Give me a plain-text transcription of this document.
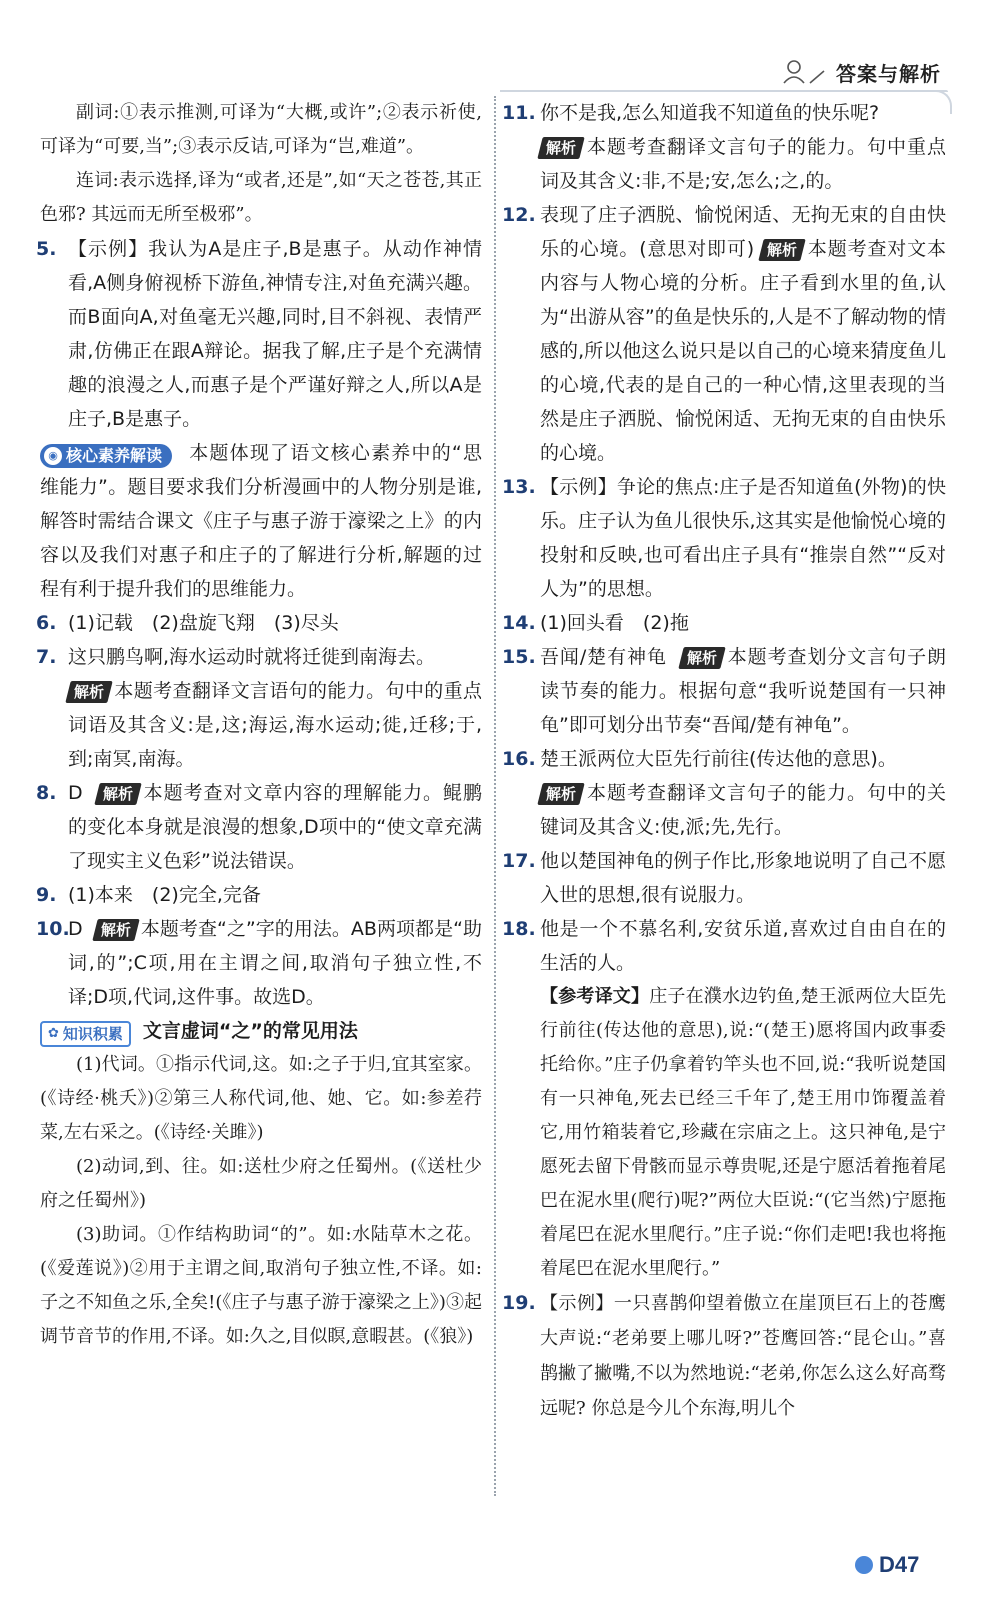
答案与解析

副词:①表示推测,可译为“大概,或许”;②表示祈使,可译为“可要,当”;③表示反诘,可译为“岂,难道”。

连词:表示选择,译为“或者,还是”,如“天之苍苍,其正色邪? 其远而无所至极邪”。

5. 【示例】我认为A是庄子,B是惠子。从动作神情看,A侧身俯视桥下游鱼,神情专注,对鱼充满兴趣。而B面向A,对鱼毫无兴趣,同时,目不斜视、表情严肃,仿佛正在跟A辩论。据我了解,庄子是个充满情趣的浪漫之人,而惠子是个严谨好辩之人,所以A是庄子,B是惠子。
◉ 核心素养解读 本题体现了语文核心素养中的“思维能力”。题目要求我们分析漫画中的人物分别是谁,解答时需结合课文《庄子与惠子游于濠梁之上》的内容以及我们对惠子和庄子的了解进行分析,解题的过程有利于提升我们的思维能力。
6. (1)记载　(2)盘旋飞翔　(3)尽头
7. 这只鹏鸟啊,海水运动时就将迁徙到南海去。
解析 本题考查翻译文言语句的能力。句中的重点词语及其含义:是,这;海运,海水运动;徙,迁移;于,到;南冥,南海。
8. D 解析 本题考查对文章内容的理解能力。鲲鹏的变化本身就是浪漫的想象,D项中的“使文章充满了现实主义色彩”说法错误。
9. (1)本来　(2)完全,完备
10.
D 解析 本题考查“之”字的用法。AB两项都是“助词,的”;C项,用在主谓之间,取消句子独立性,不译;D项,代词,这件事。故选D。
✿ 知识积累 文言虚词“之”的常见用法

(1)代词。①指示代词,这。如:之子于归,宜其室家。(《诗经·桃夭》)②第三人称代词,他、她、它。如:参差荇菜,左右采之。(《诗经·关雎》)

(2)动词,到、往。如:送杜少府之任蜀州。(《送杜少府之任蜀州》)

(3)助词。①作结构助词“的”。如:水陆草木之花。(《爱莲说》)②用于主谓之间,取消句子独立性,不译。如:子之不知鱼之乐,全矣!(《庄子与惠子游于濠梁之上》)③起调节音节的作用,不译。如:久之,目似瞑,意暇甚。(《狼》)

11. 你不是我,怎么知道我不知道鱼的快乐呢?
解析 本题考查翻译文言句子的能力。句中重点词及其含义:非,不是;安,怎么;之,的。
12. 表现了庄子洒脱、愉悦闲适、无拘无束的自由快乐的心境。(意思对即可) 解析 本题考查对文本内容与人物心境的分析。庄子看到水里的鱼,认为“出游从容”的鱼是快乐的,人是不了解动物的情感的,所以他这么说只是以自己的心境来猜度鱼儿的心境,代表的是自己的一种心情,这里表现的当然是庄子洒脱、愉悦闲适、无拘无束的自由快乐的心境。
13. 【示例】争论的焦点:庄子是否知道鱼(外物)的快乐。庄子认为鱼儿很快乐,这其实是他愉悦心境的投射和反映,也可看出庄子具有“推崇自然”“反对人为”的思想。
14. (1)回头看　(2)拖
15. 吾闻/楚有神龟 解析 本题考查划分文言句子朗读节奏的能力。根据句意“我听说楚国有一只神龟”即可划分出节奏“吾闻/楚有神龟”。
16. 楚王派两位大臣先行前往(传达他的意思)。
解析 本题考查翻译文言句子的能力。句中的关键词及其含义:使,派;先,先行。
17. 他以楚国神龟的例子作比,形象地说明了自己不愿入世的思想,很有说服力。
18. 他是一个不慕名利,安贫乐道,喜欢过自由自在的生活的人。

【参考译文】庄子在濮水边钓鱼,楚王派两位大臣先行前往(传达他的意思),说:“(楚王)愿将国内政事委托给你。”庄子仍拿着钓竿头也不回,说:“我听说楚国有一只神龟,死去已经三千年了,楚王用巾饰覆盖着它,用竹箱装着它,珍藏在宗庙之上。这只神龟,是宁愿死去留下骨骸而显示尊贵呢,还是宁愿活着拖着尾巴在泥水里(爬行)呢?”两位大臣说:“(它当然)宁愿拖着尾巴在泥水里爬行。”庄子说:“你们走吧!我也将拖着尾巴在泥水里爬行。”

19. 【示例】一只喜鹊仰望着傲立在崖顶巨石上的苍鹰大声说:“老弟要上哪儿呀?”苍鹰回答:“昆仑山。”喜鹊撇了撇嘴,不以为然地说:“老弟,你怎么这么好高骛远呢? 你总是今儿个东海,明儿个
D47
